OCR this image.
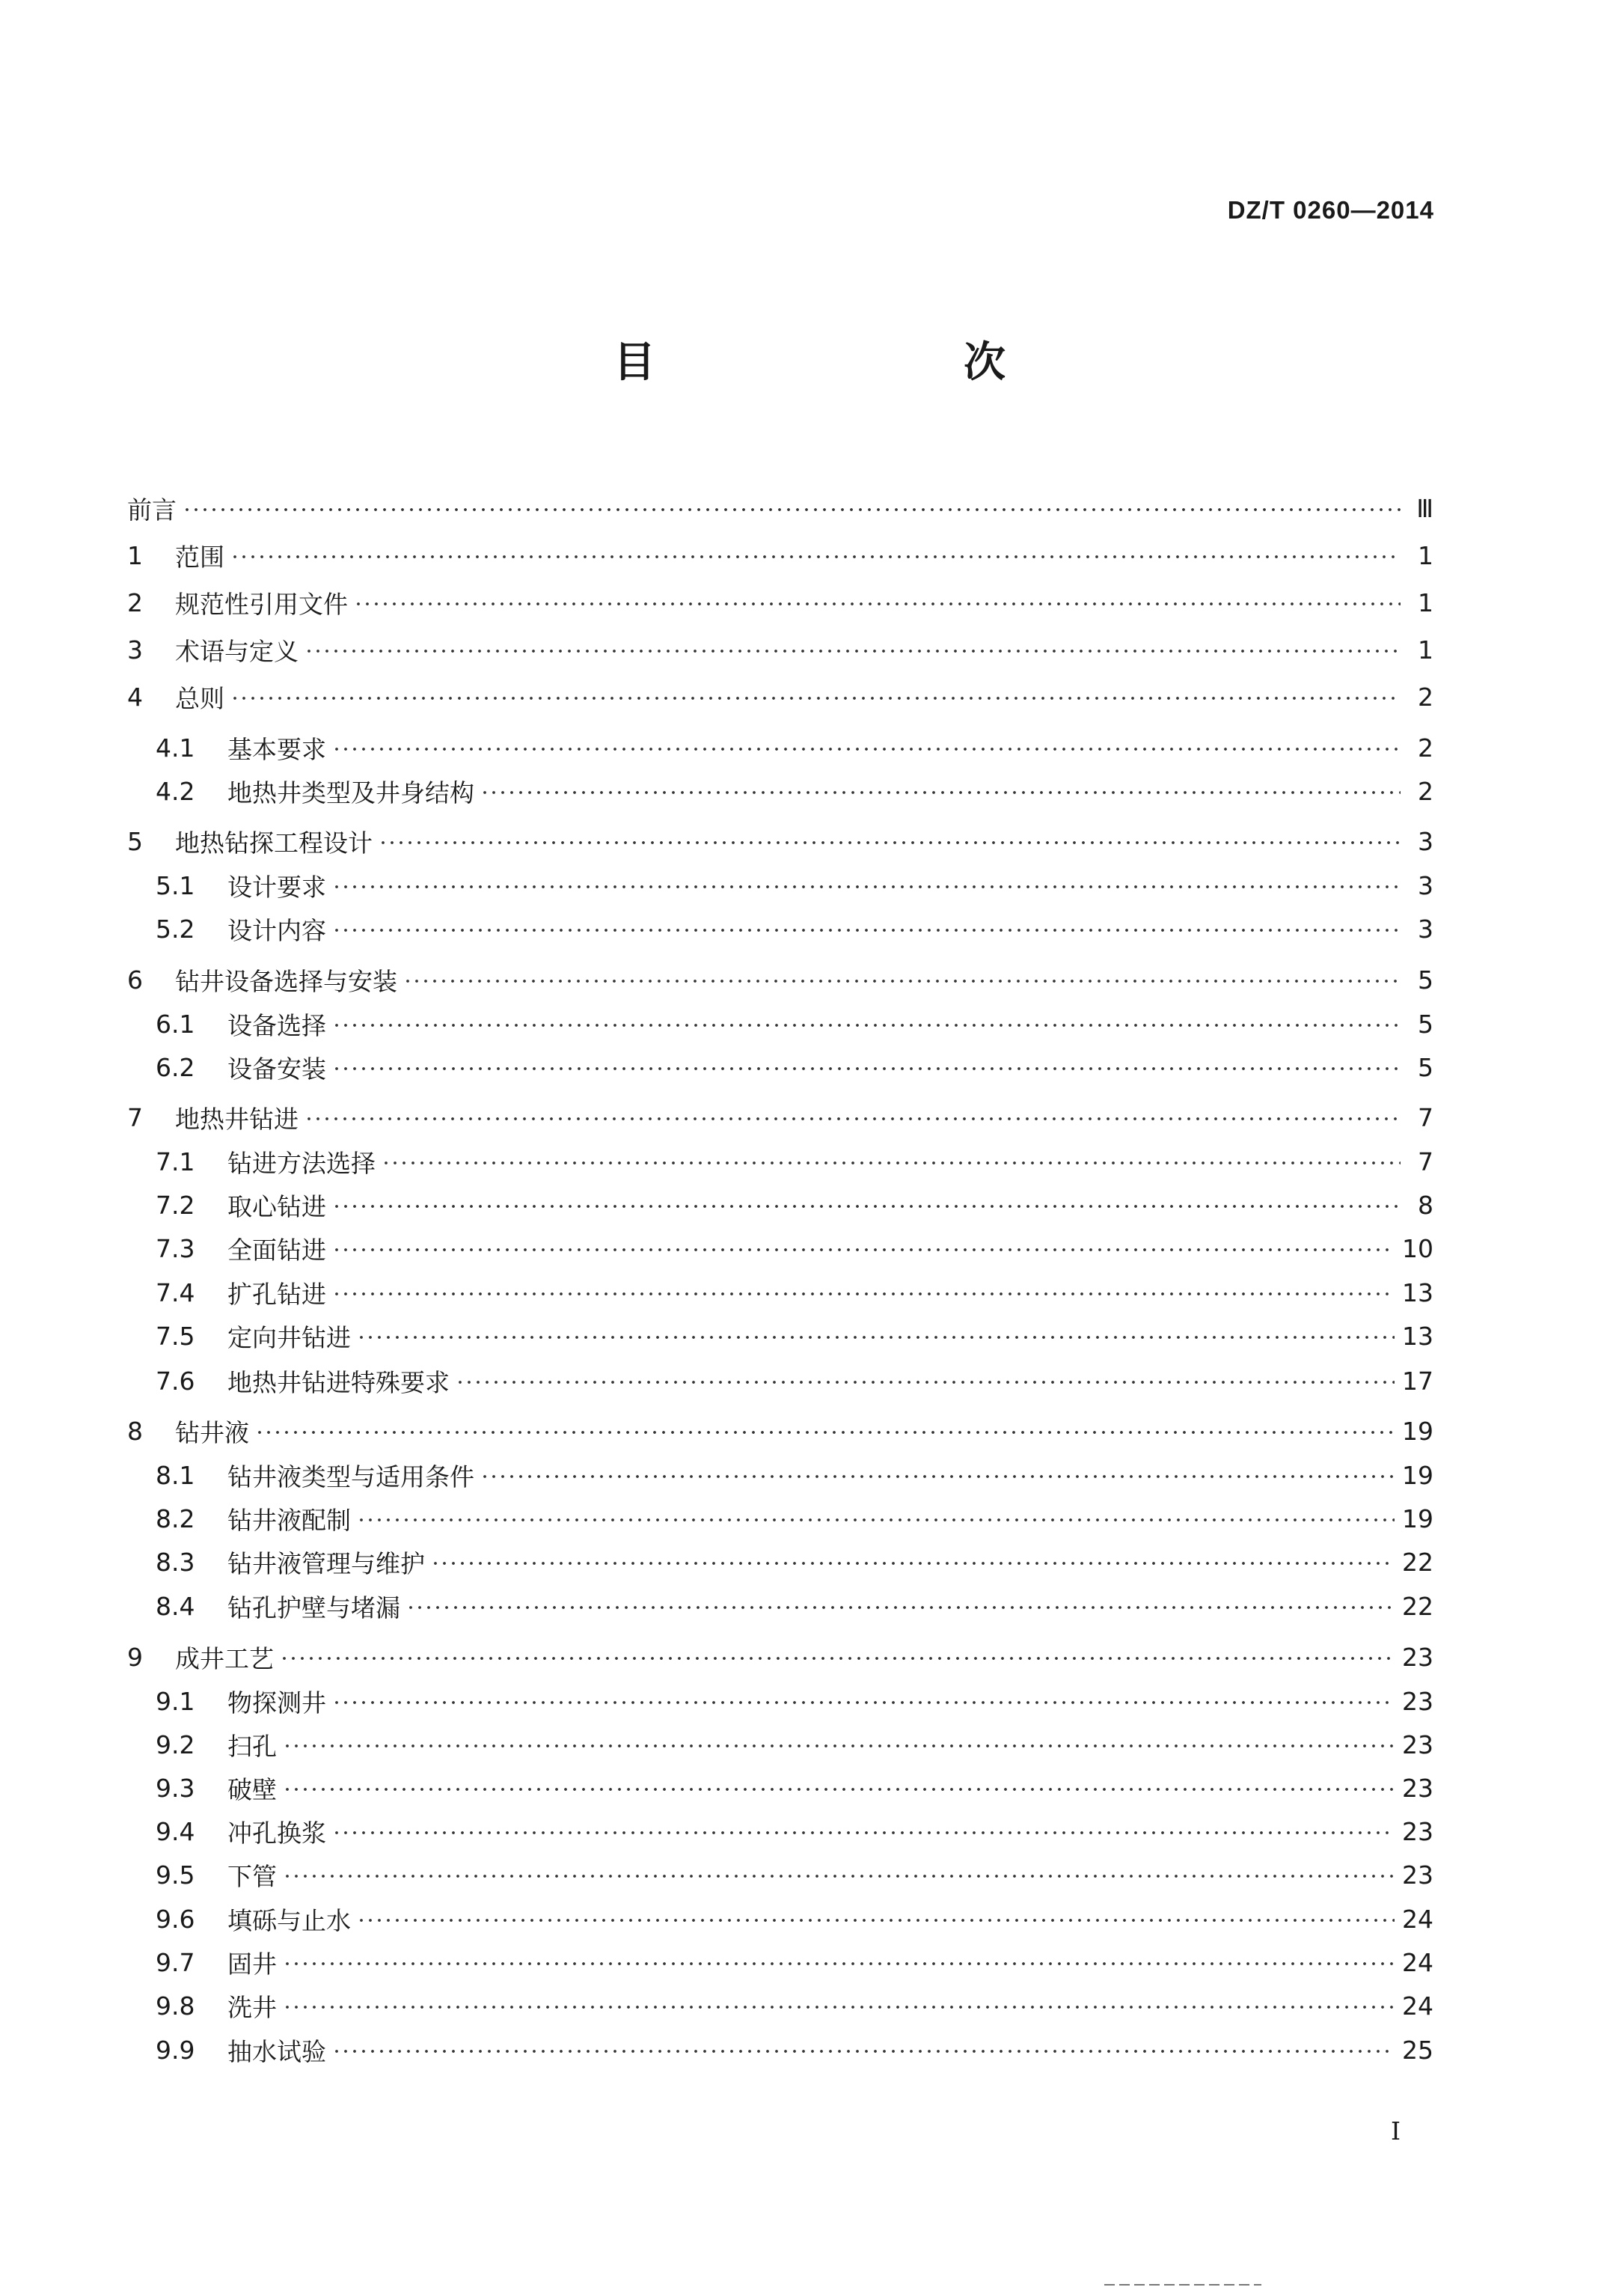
DZ/T 0260—2014
目　　次
前言	Ⅲ
1	范围	1
2	规范性引用文件	1
3	术语与定义	1
4	总则	2
4.1	基本要求	2
4.2	地热井类型及井身结构	2
5	地热钻探工程设计	3
5.1	设计要求	3
5.2	设计内容	3
6	钻井设备选择与安装	5
6.1	设备选择	5
6.2	设备安装	5
7	地热井钻进	7
7.1	钻进方法选择	7
7.2	取心钻进	8
7.3	全面钻进	10
7.4	扩孔钻进	13
7.5	定向井钻进	13
7.6	地热井钻进特殊要求	17
8	钻井液	19
8.1	钻井液类型与适用条件	19
8.2	钻井液配制	19
8.3	钻井液管理与维护	22
8.4	钻孔护壁与堵漏	22
9	成井工艺	23
9.1	物探测井	23
9.2	扫孔	23
9.3	破壁	23
9.4	冲孔换浆	23
9.5	下管	23
9.6	填砾与止水	24
9.7	固井	24
9.8	洗井	24
9.9	抽水试验	25
I
